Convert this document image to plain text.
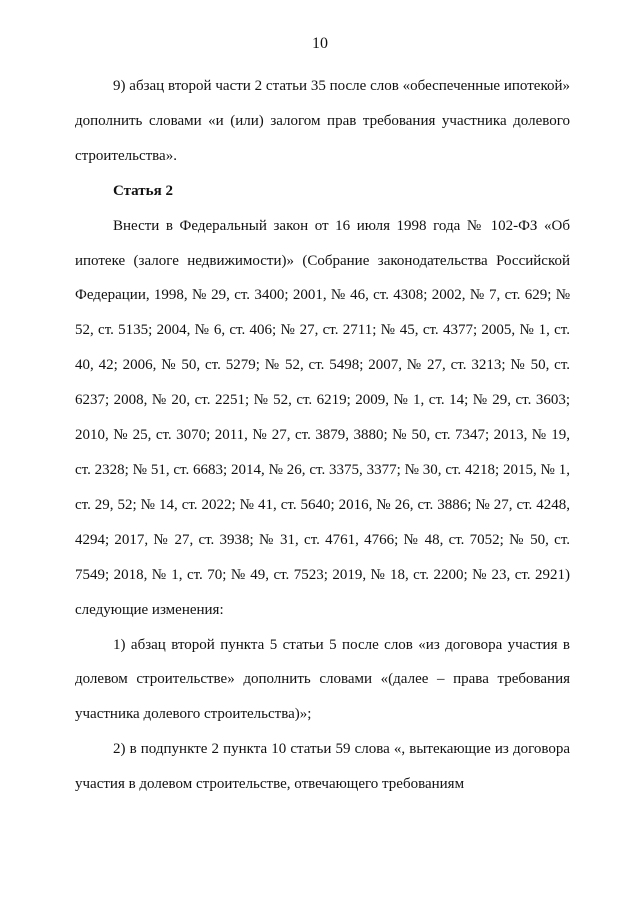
10

9) абзац второй части 2 статьи 35 после слов «обеспеченные ипотекой» дополнить словами «и (или) залогом прав требования участника долевого строительства».

Статья 2

Внести в Федеральный закон от 16 июля 1998 года № 102-ФЗ «Об ипотеке (залоге недвижимости)» (Собрание законодательства Российской Федерации, 1998, № 29, ст. 3400; 2001, № 46, ст. 4308; 2002, № 7, ст. 629; № 52, ст. 5135; 2004, № 6, ст. 406; № 27, ст. 2711; № 45, ст. 4377; 2005, № 1, ст. 40, 42; 2006, № 50, ст. 5279; № 52, ст. 5498; 2007, № 27, ст. 3213; № 50, ст. 6237; 2008, № 20, ст. 2251; № 52, ст. 6219; 2009, № 1, ст. 14; № 29, ст. 3603; 2010, № 25, ст. 3070; 2011, № 27, ст. 3879, 3880; № 50, ст. 7347; 2013, № 19, ст. 2328; № 51, ст. 6683; 2014, № 26, ст. 3375, 3377; № 30, ст. 4218; 2015, № 1, ст. 29, 52; № 14, ст. 2022; № 41, ст. 5640; 2016, № 26, ст. 3886; № 27, ст. 4248, 4294; 2017, № 27, ст. 3938; № 31, ст. 4761, 4766; № 48, ст. 7052; № 50, ст. 7549; 2018, № 1, ст. 70; № 49, ст. 7523; 2019, № 18, ст. 2200; № 23, ст. 2921) следующие изменения:

1) абзац второй пункта 5 статьи 5 после слов «из договора участия в долевом строительстве» дополнить словами «(далее – права требования участника долевого строительства)»;

2) в подпункте 2 пункта 10 статьи 59 слова «, вытекающие из договора участия в долевом строительстве, отвечающего требованиям
